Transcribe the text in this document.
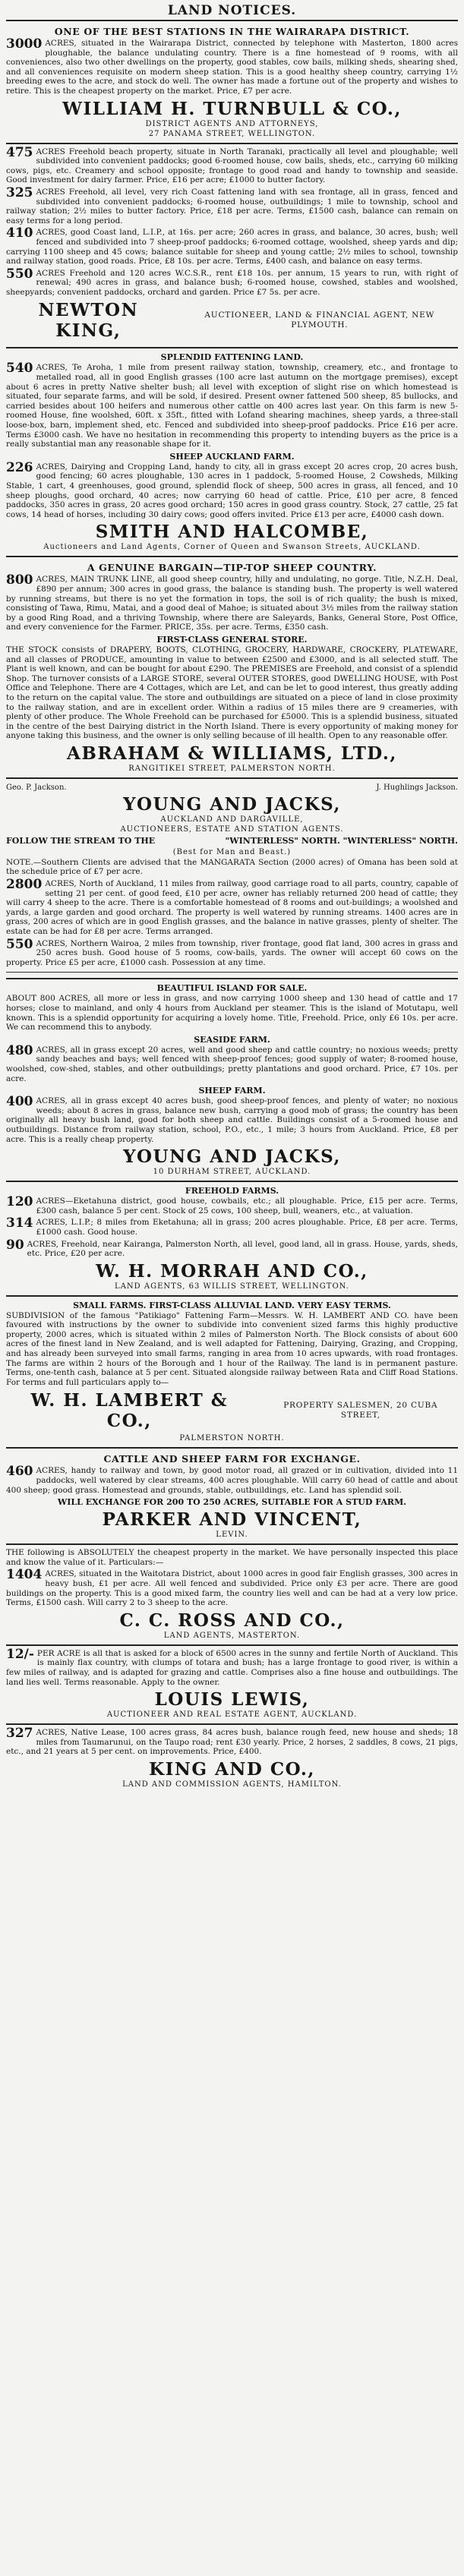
LAND NOTICES.
ONE OF THE BEST STATIONS IN THE WAIRARAPA DISTRICT.

3000 ACRES, situated in the Wairarapa District, connected by telephone with Masterton, 1800 acres ploughable, the balance undulating country. There is a fine homestead of 9 rooms, with all conveniences, also two other dwellings on the property, good stables, cow bails, milking sheds, shearing shed, and all conveniences requisite on modern sheep station. This is a good healthy sheep country, carrying 1½ breeding ewes to the acre, and stock do well. The owner has made a fortune out of the property and wishes to retire. This is the cheapest property on the market. Price, £7 per acre.

WILLIAM H. TURNBULL & CO.,
DISTRICT AGENTS AND ATTORNEYS,
27 PANAMA STREET, WELLINGTON.

475 ACRES Freehold beach property, situate in North Taranaki, practically all level and ploughable; well subdivided into convenient paddocks; good 6-roomed house, cow bails, sheds, etc., carrying 60 milking cows, pigs, etc. Creamery and school opposite; frontage to good road and handy to township and seaside. Good investment for dairy farmer. Price, £16 per acre; £1000 to butter factory.

325 ACRES Freehold, all level, very rich Coast fattening land with sea frontage, all in grass, fenced and subdivided into convenient paddocks; 6-roomed house, outbuildings; 1 mile to township, school and railway station; 2½ miles to butter factory. Price, £18 per acre. Terms, £1500 cash, balance can remain on easy terms for a long period.

410 ACRES, good Coast land, L.I.P., at 16s. per acre; 260 acres in grass, and balance, 30 acres, bush; well fenced and subdivided into 7 sheep-proof paddocks; 6-roomed cottage, woolshed, sheep yards and dip; carrying 1100 sheep and 45 cows; balance suitable for sheep and young cattle; 2½ miles to school, township and railway station, good roads. Price, £8 10s. per acre. Terms, £400 cash, and balance on easy terms.

550 ACRES Freehold and 120 acres W.C.S.R., rent £18 10s. per annum, 15 years to run, with right of renewal; 490 acres in grass, and balance bush; 6-roomed house, cowshed, stables and woolshed, sheepyards; convenient paddocks, orchard and garden. Price £7 5s. per acre.

NEWTON KING,
AUCTIONEER, LAND & FINANCIAL AGENT, NEW PLYMOUTH.
SPLENDID FATTENING LAND.

540 ACRES, Te Aroha, 1 mile from present railway station, township, creamery, etc., and frontage to metalled road, all in good English grasses (100 acre last autumn on the mortgage premises), except about 6 acres in pretty Native shelter bush; all level with exception of slight rise on which homestead is situated, four separate farms, and will be sold, if desired. Present owner fattened 500 sheep, 85 bullocks, and carried besides about 100 heifers and numerous other cattle on 400 acres last year. On this farm is new 5-roomed House, fine woolshed, 60ft. x 35ft., fitted with Lofand shearing machines, sheep yards, a three-stall loose-box, barn, implement shed, etc. Fenced and subdivided into sheep-proof paddocks. Price £16 per acre. Terms £3000 cash. We have no hesitation in recommending this property to intending buyers as the price is a really substantial man any reasonable shape for it.

SHEEP AUCKLAND FARM.

226 ACRES, Dairying and Cropping Land, handy to city, all in grass except 20 acres crop, 20 acres bush, good fencing; 60 acres ploughable, 130 acres in 1 paddock, 5-roomed House, 2 Cowsheds, Milking Stable, 1 cart, 4 greenhouses, good ground, splendid flock of sheep, 500 acres in grass, all fenced, and 10 sheep ploughs, good orchard, 40 acres; now carrying 60 head of cattle. Price, £10 per acre, 8 fenced paddocks, 350 acres in grass, 20 acres good orchard; 150 acres in good grass country. Stock, 27 cattle, 25 fat cows, 14 head of horses, including 30 dairy cows; good offers invited. Price £13 per acre, £4000 cash down.

SMITH AND HALCOMBE,
Auctioneers and Land Agents, Corner of Queen and Swanson Streets, AUCKLAND.
A GENUINE BARGAIN—TIP-TOP SHEEP COUNTRY.

800 ACRES, MAIN TRUNK LINE, all good sheep country, hilly and undulating, no gorge. Title, N.Z.H. Deal, £890 per annum; 300 acres in good grass, the balance is standing bush. The property is well watered by running streams, but there is no yet the formation in tops, the soil is of rich quality; the bush is mixed, consisting of Tawa, Rimu, Matai, and a good deal of Mahoe; is situated about 3½ miles from the railway station by a good Ring Road, and a thriving Township, where there are Saleyards, Banks, General Store, Post Office, and every convenience for the Farmer. PRICE, 35s. per acre. Terms, £350 cash.

FIRST-CLASS GENERAL STORE.

THE STOCK consists of DRAPERY, BOOTS, CLOTHING, GROCERY, HARDWARE, CROCKERY, PLATEWARE, and all classes of PRODUCE, amounting in value to between £2500 and £3000, and is all selected stuff. The Plant is well known, and can be bought for about £290. The PREMISES are Freehold, and consist of a splendid Shop. The turnover consists of a LARGE STORE, several OUTER STORES, good DWELLING HOUSE, with Post Office and Telephone. There are 4 Cottages, which are Let, and can be let to good interest, thus greatly adding to the return on the capital value. The store and outbuildings are situated on a piece of land in close proximity to the railway station, and are in excellent order. Within a radius of 15 miles there are 9 creameries, with plenty of other produce. The Whole Freehold can be purchased for £5000. This is a splendid business, situated in the centre of the best Dairying district in the North Island. There is every opportunity of making money for anyone taking this business, and the owner is only selling because of ill health. Open to any reasonable offer.

ABRAHAM & WILLIAMS, LTD.,
RANGITIKEI STREET, PALMERSTON NORTH.
Geo. P. Jackson.	J. Hughlings Jackson.
YOUNG AND JACKS,
AUCKLAND AND DARGAVILLE,
AUCTIONEERS, ESTATE AND STATION AGENTS.
FOLLOW THE STREAM TO THE	"WINTERLESS" NORTH. "WINTERLESS" NORTH.
(Best for Man and Beast.)

NOTE.—Southern Clients are advised that the MANGARATA Section (2000 acres) of Omana has been sold at the schedule price of £7 per acre.

2800 ACRES, North of Auckland, 11 miles from railway, good carriage road to all parts, country, capable of setting 21 per cent. of good feed, £10 per acre, owner has reliably returned 200 head of cattle; they will carry 4 sheep to the acre. There is a comfortable homestead of 8 rooms and out-buildings; a woolshed and yards, a large garden and good orchard. The property is well watered by running streams. 1400 acres are in grass, 200 acres of which are in good English grasses, and the balance in native grasses, plenty of shelter. The estate can be had for £8 per acre. Terms arranged.

550 ACRES, Northern Wairoa, 2 miles from township, river frontage, good flat land, 300 acres in grass and 250 acres bush. Good house of 5 rooms, cow-bails, yards. The owner will accept 60 cows on the property. Price £5 per acre, £1000 cash. Possession at any time.

BEAUTIFUL ISLAND FOR SALE.

ABOUT 800 ACRES, all more or less in grass, and now carrying 1000 sheep and 130 head of cattle and 17 horses; close to mainland, and only 4 hours from Auckland per steamer. This is the island of Motutapu, well known. This is a splendid opportunity for acquiring a lovely home. Title, Freehold. Price, only £6 10s. per acre. We can recommend this to anybody.

SEASIDE FARM.

480 ACRES, all in grass except 20 acres, well and good sheep and cattle country; no noxious weeds; pretty sandy beaches and bays; well fenced with sheep-proof fences; good supply of water; 8-roomed house, woolshed, cow-shed, stables, and other outbuildings; pretty plantations and good orchard. Price, £7 10s. per acre.

SHEEP FARM.

400 ACRES, all in grass except 40 acres bush, good sheep-proof fences, and plenty of water; no noxious weeds; about 8 acres in grass, balance new bush, carrying a good mob of grass; the country has been originally all heavy bush land, good for both sheep and cattle. Buildings consist of a 5-roomed house and outbuildings. Distance from railway station, school, P.O., etc., 1 mile; 3 hours from Auckland. Price, £8 per acre. This is a really cheap property.

YOUNG AND JACKS,
10 DURHAM STREET, AUCKLAND.
FREEHOLD FARMS.

120 ACRES—Eketahuna district, good house, cowbails, etc.; all ploughable. Price, £15 per acre. Terms, £300 cash, balance 5 per cent. Stock of 25 cows, 100 sheep, bull, weaners, etc., at valuation.

314 ACRES, L.I.P.; 8 miles from Eketahuna; all in grass; 200 acres ploughable. Price, £8 per acre. Terms, £1000 cash. Good house.

90 ACRES, Freehold, near Kairanga, Palmerston North, all level, good land, all in grass. House, yards, sheds, etc. Price, £20 per acre.

W. H. MORRAH AND CO.,
LAND AGENTS, 63 WILLIS STREET, WELLINGTON.
SMALL FARMS. FIRST-CLASS ALLUVIAL LAND. VERY EASY TERMS.

SUBDIVISION of the famous "Patikiago" Fattening Farm—Messrs. W. H. LAMBERT AND CO. have been favoured with instructions by the owner to subdivide into convenient sized farms this highly productive property, 2000 acres, which is situated within 2 miles of Palmerston North. The Block consists of about 600 acres of the finest land in New Zealand, and is well adapted for Fattening, Dairying, Grazing, and Cropping, and has already been surveyed into small farms, ranging in area from 10 acres upwards, with road frontages. The farms are within 2 hours of the Borough and 1 hour of the Railway. The land is in permanent pasture. Terms, one-tenth cash, balance at 5 per cent. Situated alongside railway between Rata and Cliff Road Stations. For terms and full particulars apply to—

W. H. LAMBERT & CO.,
PROPERTY SALESMEN, 20 CUBA STREET,
PALMERSTON NORTH.
CATTLE AND SHEEP FARM FOR EXCHANGE.

460 ACRES, handy to railway and town, by good motor road, all grazed or in cultivation, divided into 11 paddocks, well watered by clear streams, 400 acres ploughable. Will carry 60 head of cattle and about 400 sheep; good grass. Homestead and grounds, stable, outbuildings, etc. Land has splendid soil.

WILL EXCHANGE FOR 200 TO 250 ACRES, SUITABLE FOR A STUD FARM.
PARKER AND VINCENT,
LEVIN.

THE following is ABSOLUTELY the cheapest property in the market. We have personally inspected this place and know the value of it. Particulars:—

1404 ACRES, situated in the Waitotara District, about 1000 acres in good fair English grasses, 300 acres in heavy bush, £1 per acre. All well fenced and subdivided. Price only £3 per acre. There are good buildings on the property. This is a good mixed farm, the country lies well and can be had at a very low price. Terms, £1500 cash. Will carry 2 to 3 sheep to the acre.

C. C. ROSS AND CO.,
LAND AGENTS, MASTERTON.

12/- PER ACRE is all that is asked for a block of 6500 acres in the sunny and fertile North of Auckland. This is mainly flax country, with clumps of totara and bush; has a large frontage to good river, is within a few miles of railway, and is adapted for grazing and cattle. Comprises also a fine house and outbuildings. The land lies well. Terms reasonable. Apply to the owner.

LOUIS LEWIS,
AUCTIONEER AND REAL ESTATE AGENT, AUCKLAND.

327 ACRES, Native Lease, 100 acres grass, 84 acres bush, balance rough feed, new house and sheds; 18 miles from Taumarunui, on the Taupo road; rent £30 yearly. Price, 2 horses, 2 saddles, 8 cows, 21 pigs, etc., and 21 years at 5 per cent. on improvements. Price, £400.

KING AND CO.,
LAND AND COMMISSION AGENTS, HAMILTON.
